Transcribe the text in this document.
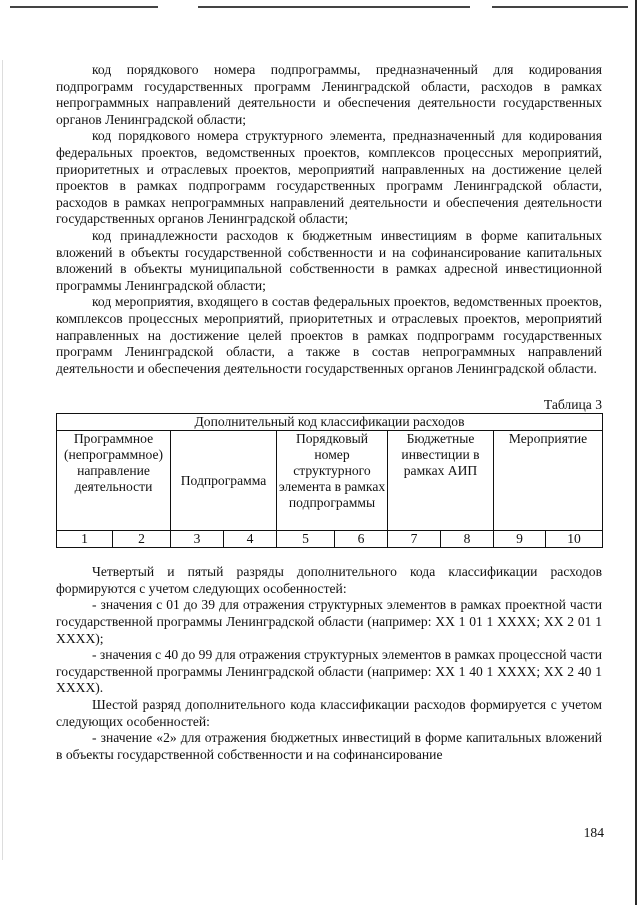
код порядкового номера подпрограммы, предназначенный для кодирования подпрограмм государственных программ Ленинградской области, расходов в рамках непрограммных направлений деятельности и обеспечения деятельности государственных органов Ленинградской области;

код порядкового номера структурного элемента, предназначенный для кодирования федеральных проектов, ведомственных проектов, комплексов процессных мероприятий, приоритетных и отраслевых проектов, мероприятий направленных на достижение целей проектов в рамках подпрограмм государственных программ Ленинградской области, расходов в рамках непрограммных направлений деятельности и обеспечения деятельности государственных органов Ленинградской области;

код принадлежности расходов к бюджетным инвестициям в форме капитальных вложений в объекты государственной собственности и на софинансирование капитальных вложений в объекты муниципальной собственности в рамках адресной инвестиционной программы Ленинградской области;

код мероприятия, входящего в состав федеральных проектов, ведомственных проектов, комплексов процессных мероприятий, приоритетных и отраслевых проектов, мероприятий направленных на достижение целей проектов в рамках подпрограмм государственных программ Ленинградской области, а также в состав непрограммных направлений деятельности и обеспечения деятельности государственных органов Ленинградской области.

Таблица 3

Дополнительный код классификации расходов									
Программное (непрограммное) направление деятельности		Подпрограмма		Порядковый номер структурного элемента в рамках подпрограммы		Бюджетные инвестиции в рамках АИП		Мероприятие	
1	2	3	4	5	6	7	8	9	10

Четвертый и пятый разряды дополнительного кода классификации расходов формируются с учетом следующих особенностей:

- значения с 01 до 39 для отражения структурных элементов в рамках проектной части государственной программы Ленинградской области (например: XX 1 01 1 XXXX; XX 2 01 1 XXXX);

- значения с 40 до 99 для отражения структурных элементов в рамках процессной части государственной программы Ленинградской области (например: XX 1 40 1 XXXX; XX 2 40 1 XXXX).

Шестой разряд дополнительного кода классификации расходов формируется с учетом следующих особенностей:

- значение «2» для отражения бюджетных инвестиций в форме капитальных вложений в объекты государственной собственности и на софинансирование

184
